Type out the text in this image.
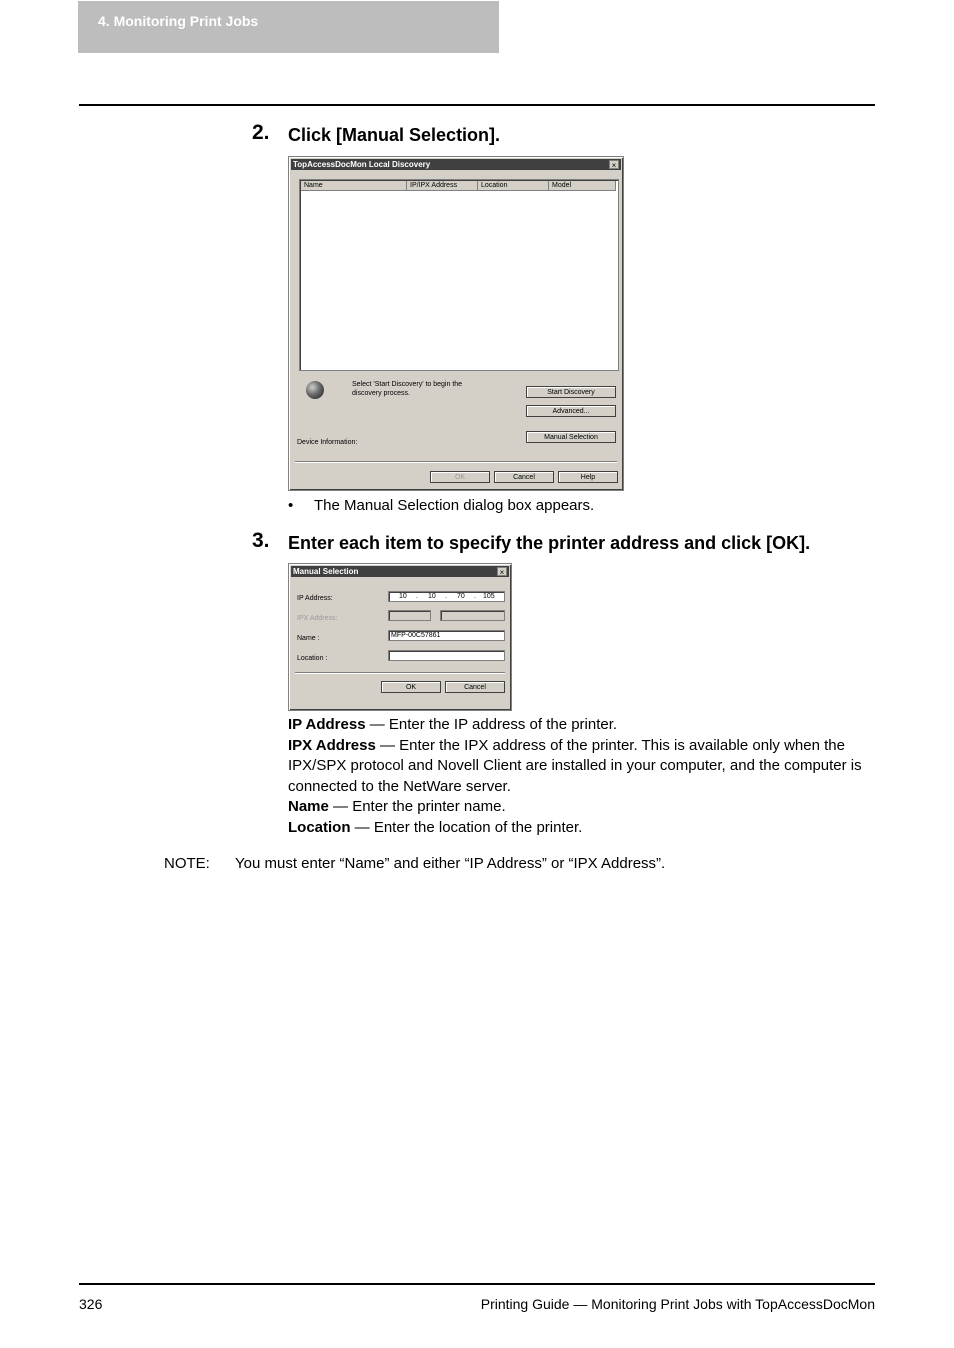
4. Monitoring Print Jobs
2. Click [Manual Selection].
TopAccessDocMon Local Discovery	×
Name	IP/IPX Address	Location	Model
Select 'Start Discovery' to begin the discovery process.	Start Discovery
Advanced...
Manual Selection
Device Information:
OK	Cancel	Help
• The Manual Selection dialog box appears.
3. Enter each item to specify the printer address and click [OK].
Manual Selection	×
IP Address:	10 . 10 . 70 . 105
IPX Address:
Name :	MFP-00C57861
Location :
OK	Cancel
IP Address — Enter the IP address of the printer.
IPX Address — Enter the IPX address of the printer. This is available only when the IPX/SPX protocol and Novell Client are installed in your computer, and the computer is connected to the NetWare server.
Name — Enter the printer name.
Location — Enter the location of the printer.
NOTE: You must enter “Name” and either “IP Address” or “IPX Address”.
326	Printing Guide — Monitoring Print Jobs with TopAccessDocMon
